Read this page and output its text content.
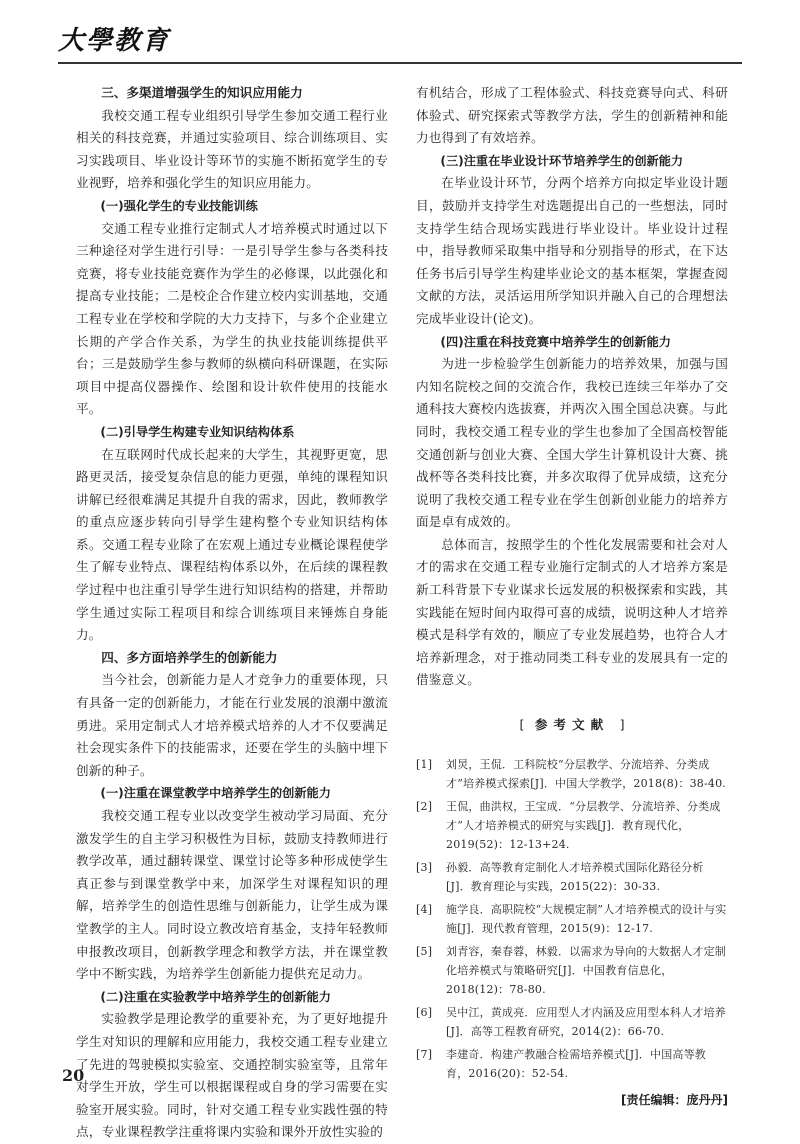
大學教育

三、多渠道增强学生的知识应用能力

我校交通工程专业组织引导学生参加交通工程行业相关的科技竞赛，并通过实验项目、综合训练项目、实习实践项目、毕业设计等环节的实施不断拓宽学生的专业视野，培养和强化学生的知识应用能力。

(一)强化学生的专业技能训练

交通工程专业推行定制式人才培养模式时通过以下三种途径对学生进行引导：一是引导学生参与各类科技竞赛，将专业技能竞赛作为学生的必修课，以此强化和提高专业技能；二是校企合作建立校内实训基地，交通工程专业在学校和学院的大力支持下，与多个企业建立长期的产学合作关系，为学生的执业技能训练提供平台；三是鼓励学生参与教师的纵横向科研课题，在实际项目中提高仪器操作、绘图和设计软件使用的技能水平。

(二)引导学生构建专业知识结构体系

在互联网时代成长起来的大学生，其视野更宽，思路更灵活，接受复杂信息的能力更强，单纯的课程知识讲解已经很难满足其提升自我的需求，因此，教师教学的重点应逐步转向引导学生建构整个专业知识结构体系。交通工程专业除了在宏观上通过专业概论课程使学生了解专业特点、课程结构体系以外，在后续的课程教学过程中也注重引导学生进行知识结构的搭建，并帮助学生通过实际工程项目和综合训练项目来锤炼自身能力。

四、多方面培养学生的创新能力

当今社会，创新能力是人才竞争力的重要体现，只有具备一定的创新能力，才能在行业发展的浪潮中激流勇进。采用定制式人才培养模式培养的人才不仅要满足社会现实条件下的技能需求，还要在学生的头脑中埋下创新的种子。

(一)注重在课堂教学中培养学生的创新能力

我校交通工程专业以改变学生被动学习局面、充分激发学生的自主学习积极性为目标，鼓励支持教师进行教学改革，通过翻转课堂、课堂讨论等多种形成使学生真正参与到课堂教学中来，加深学生对课程知识的理解，培养学生的创造性思维与创新能力，让学生成为课堂教学的主人。同时设立教改培育基金，支持年轻教师申报教改项目，创新教学理念和教学方法，并在课堂教学中不断实践，为培养学生创新能力提供充足动力。

(二)注重在实验教学中培养学生的创新能力

实验教学是理论教学的重要补充，为了更好地提升学生对知识的理解和应用能力，我校交通工程专业建立了先进的驾驶模拟实验室、交通控制实验室等，且常年对学生开放，学生可以根据课程或自身的学习需要在实验室开展实验。同时，针对交通工程专业实践性强的特点，专业课程教学注重将课内实验和课外开放性实验的

有机结合，形成了工程体验式、科技竞赛导向式、科研体验式、研究探索式等教学方法，学生的创新精神和能力也得到了有效培养。

(三)注重在毕业设计环节培养学生的创新能力

在毕业设计环节，分两个培养方向拟定毕业设计题目，鼓励并支持学生对选题提出自己的一些想法，同时支持学生结合现场实践进行毕业设计。毕业设计过程中，指导教师采取集中指导和分别指导的形式，在下达任务书后引导学生构建毕业论文的基本框架，掌握查阅文献的方法，灵活运用所学知识并融入自己的合理想法完成毕业设计(论文)。

(四)注重在科技竞赛中培养学生的创新能力

为进一步检验学生创新能力的培养效果，加强与国内知名院校之间的交流合作，我校已连续三年举办了交通科技大赛校内选拔赛，并两次入围全国总决赛。与此同时，我校交通工程专业的学生也参加了全国高校智能交通创新与创业大赛、全国大学生计算机设计大赛、挑战杯等各类科技比赛，并多次取得了优异成绩，这充分说明了我校交通工程专业在学生创新创业能力的培养方面是卓有成效的。

总体而言，按照学生的个性化发展需要和社会对人才的需求在交通工程专业施行定制式的人才培养方案是新工科背景下专业谋求长远发展的积极探索和实践，其实践能在短时间内取得可喜的成绩，说明这种人才培养模式是科学有效的，顺应了专业发展趋势，也符合人才培养新理念，对于推动同类工科专业的发展具有一定的借鉴意义。

[ 参考文献 ]
[1] 刘炅，王侃．工科院校“分层教学、分流培养、分类成才”培养模式探索[J]．中国大学教学，2018(8)：38-40.
[2] 王侃，曲洪权，王宝成．“分层教学、分流培养、分类成才”人才培养模式的研究与实践[J]．教育现代化，2019(52)：12-13+24.
[3] 孙毅．高等教育定制化人才培养模式国际化路径分析[J]．教育理论与实践，2015(22)：30-33.
[4] 施学良．高职院校“大规模定制”人才培养模式的设计与实施[J]．现代教育管理，2015(9)：12-17.
[5] 刘青容，秦春蓉，林毅．以需求为导向的大数据人才定制化培养模式与策略研究[J]．中国教育信息化，2018(12)：78-80.
[6] 吴中江，黄成亮．应用型人才内涵及应用型本科人才培养[J]．高等工程教育研究，2014(2)：66-70.
[7] 李建奇．构建产教融合检需培养模式[J]．中国高等教育，2016(20)：52-54.
[责任编辑：庞丹丹]
20
